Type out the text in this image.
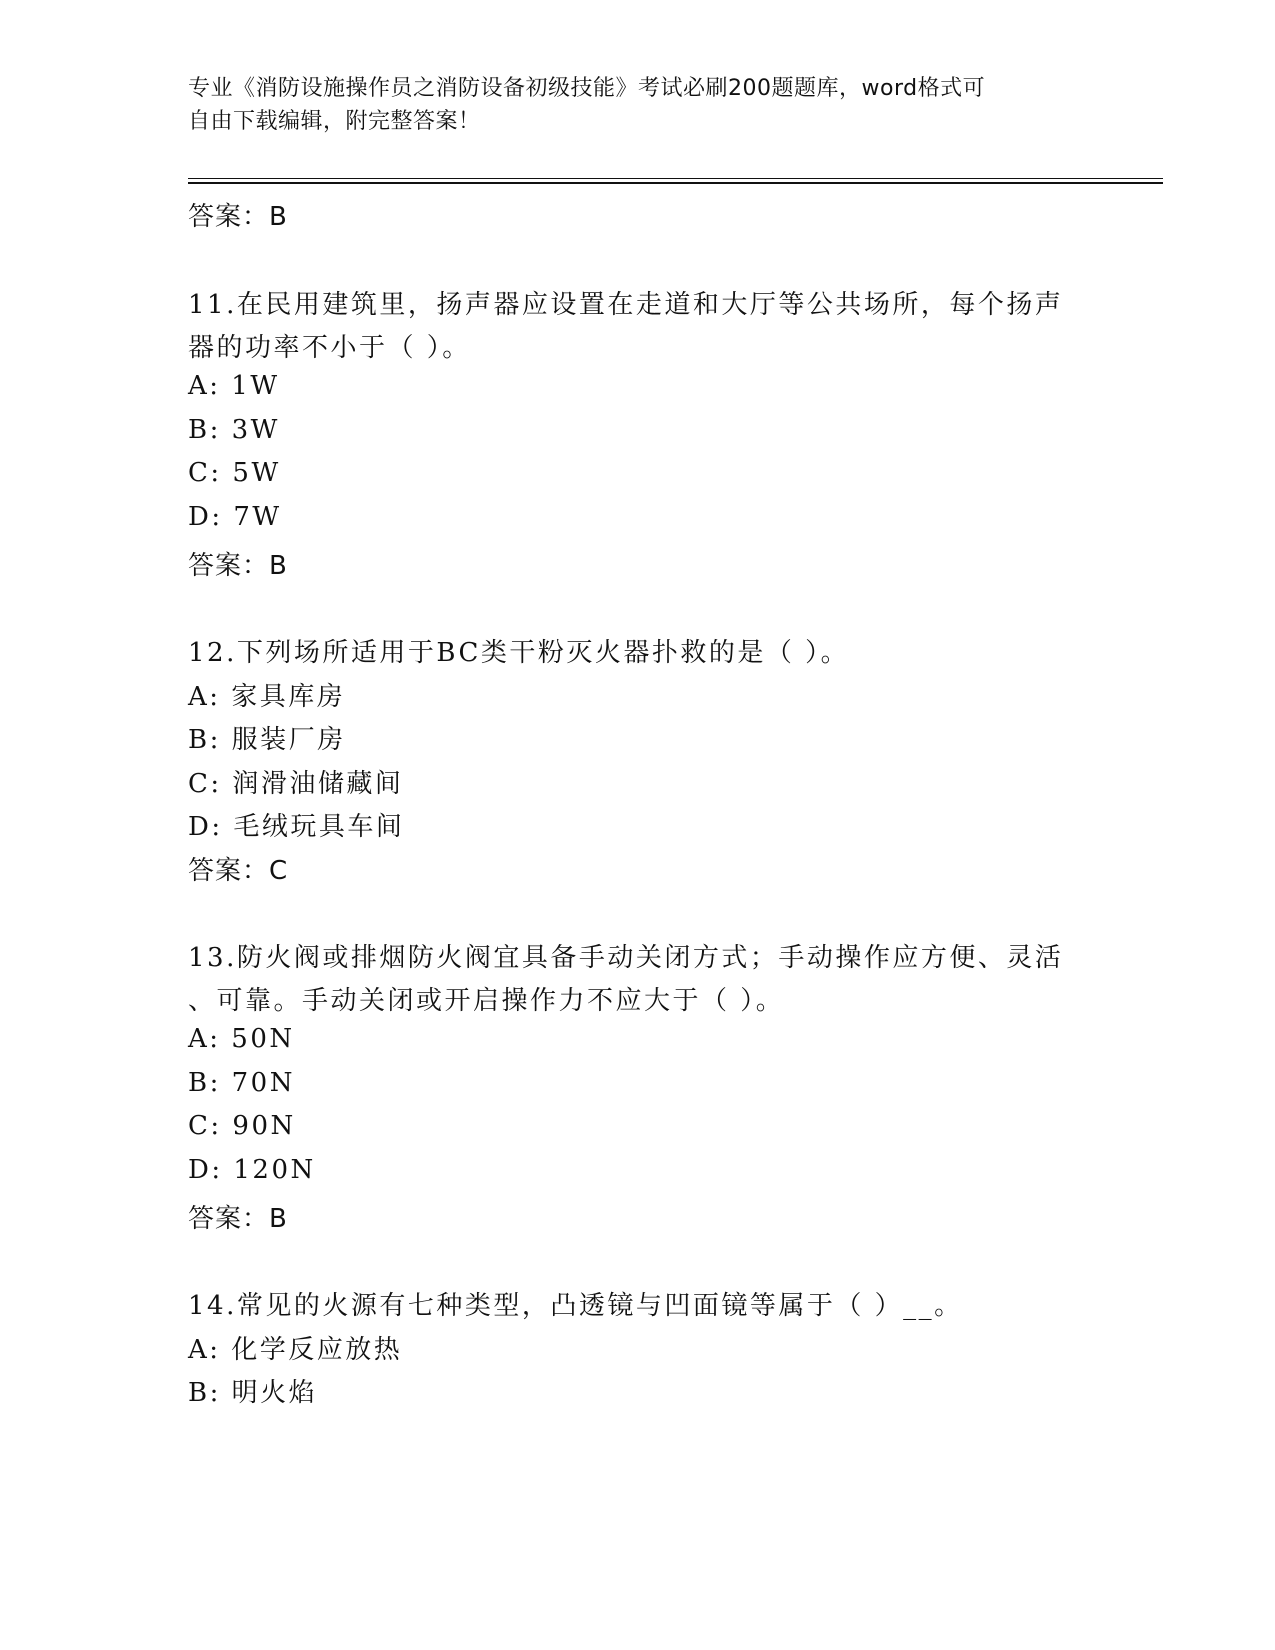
专业《消防设施操作员之消防设备初级技能》考试必刷200题题库，word格式可
自由下载编辑，附完整答案！
答案：B
11.在民用建筑里，扬声器应设置在走道和大厅等公共场所，每个扬声
器的功率不小于（ ）。
A: 1W
B: 3W
C: 5W
D: 7W
答案：B
12.下列场所适用于BC类干粉灭火器扑救的是（ ）。
A: 家具库房
B: 服装厂房
C: 润滑油储藏间
D: 毛绒玩具车间
答案：C
13.防火阀或排烟防火阀宜具备手动关闭方式；手动操作应方便、灵活
、可靠。手动关闭或开启操作力不应大于（ ）。
A: 50N
B: 70N
C: 90N
D: 120N
答案：B
14.常见的火源有七种类型，凸透镜与凹面镜等属于（ ）__。
A: 化学反应放热
B: 明火焰
